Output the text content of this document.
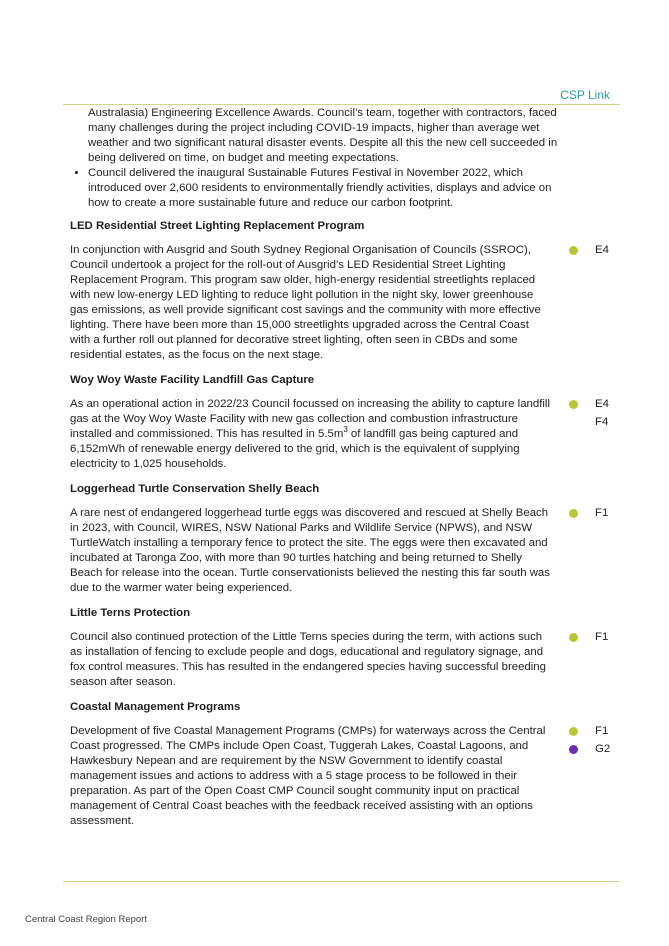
CSP Link

Australasia) Engineering Excellence Awards. Council’s team, together with contractors, faced many challenges during the project including COVID-19 impacts, higher than average wet weather and two significant natural disaster events. Despite all this the new cell succeeded in being delivered on time, on budget and meeting expectations.

• Council delivered the inaugural Sustainable Futures Festival in November 2022, which introduced over 2,600 residents to environmentally friendly activities, displays and advice on how to create a more sustainable future and reduce our carbon footprint.
LED Residential Street Lighting Replacement Program

In conjunction with Ausgrid and South Sydney Regional Organisation of Councils (SSROC), Council undertook a project for the roll-out of Ausgrid’s LED Residential Street Lighting Replacement Program. This program saw older, high-energy residential streetlights replaced with new low-energy LED lighting to reduce light pollution in the night sky, lower greenhouse gas emissions, as well provide significant cost savings and the community with more effective lighting. There have been more than 15,000 streetlights upgraded across the Central Coast with a further roll out planned for decorative street lighting, often seen in CBDs and some residential estates, as the focus on the next stage.

E4
Woy Woy Waste Facility Landfill Gas Capture

As an operational action in 2022/23 Council focussed on increasing the ability to capture landfill gas at the Woy Woy Waste Facility with new gas collection and combustion infrastructure installed and commissioned. This has resulted in $5.5m^3$ of landfill gas being captured and 6,152mWh of renewable energy delivered to the grid, which is the equivalent of supplying electricity to 1,025 households.

E4
F4
Loggerhead Turtle Conservation Shelly Beach

A rare nest of endangered loggerhead turtle eggs was discovered and rescued at Shelly Beach in 2023, with Council, WIRES, NSW National Parks and Wildlife Service (NPWS), and NSW TurtleWatch installing a temporary fence to protect the site. The eggs were then excavated and incubated at Taronga Zoo, with more than 90 turtles hatching and being returned to Shelly Beach for release into the ocean. Turtle conservationists believed the nesting this far south was due to the warmer water being experienced.

F1
Little Terns Protection

Council also continued protection of the Little Terns species during the term, with actions such as installation of fencing to exclude people and dogs, educational and regulatory signage, and fox control measures. This has resulted in the endangered species having successful breeding season after season.

F1
Coastal Management Programs

Development of five Coastal Management Programs (CMPs) for waterways across the Central Coast progressed. The CMPs include Open Coast, Tuggerah Lakes, Coastal Lagoons, and Hawkesbury Nepean and are requirement by the NSW Government to identify coastal management issues and actions to address with a 5 stage process to be followed in their preparation. As part of the Open Coast CMP Council sought community input on practical management of Central Coast beaches with the feedback received assisting with an options assessment.

F1
G2
Central Coast Region Report
